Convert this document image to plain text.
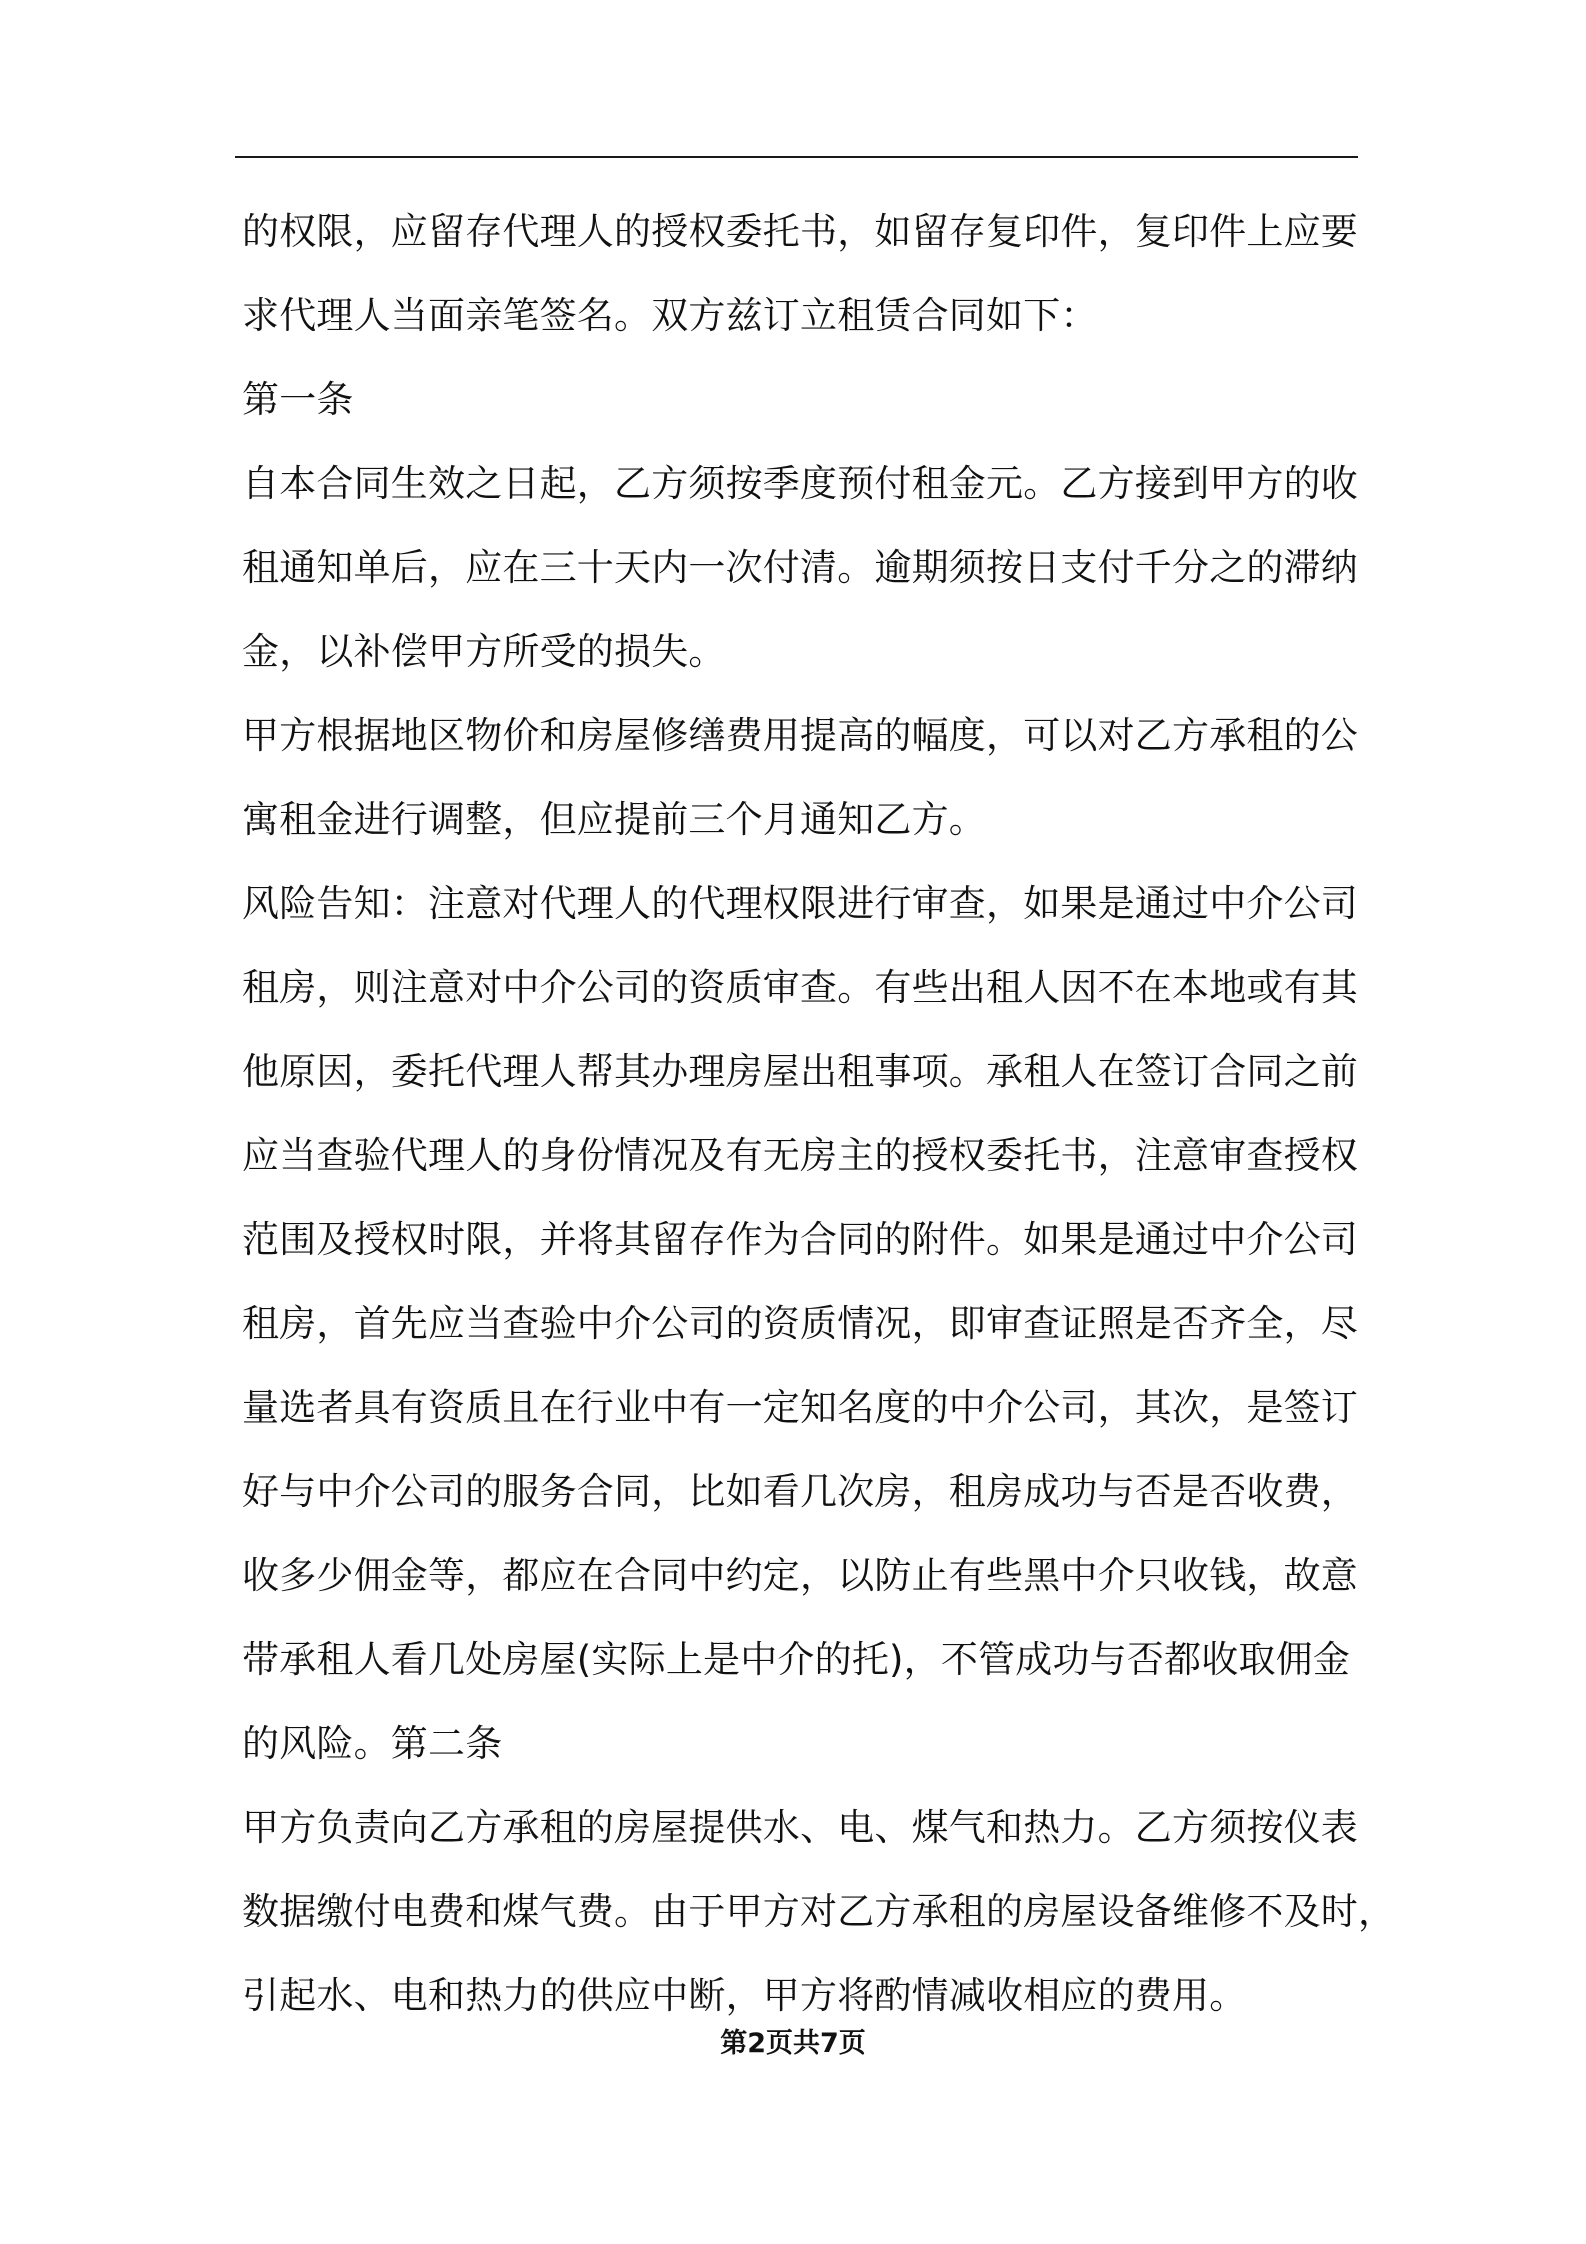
的权限，应留存代理人的授权委托书，如留存复印件，复印件上应要
求代理人当面亲笔签名。双方兹订立租赁合同如下：
第一条
自本合同生效之日起，乙方须按季度预付租金元。乙方接到甲方的收
租通知单后，应在三十天内一次付清。逾期须按日支付千分之的滞纳
金，以补偿甲方所受的损失。
甲方根据地区物价和房屋修缮费用提高的幅度，可以对乙方承租的公
寓租金进行调整，但应提前三个月通知乙方。
风险告知：注意对代理人的代理权限进行审查，如果是通过中介公司
租房，则注意对中介公司的资质审查。有些出租人因不在本地或有其
他原因，委托代理人帮其办理房屋出租事项。承租人在签订合同之前
应当查验代理人的身份情况及有无房主的授权委托书，注意审查授权
范围及授权时限，并将其留存作为合同的附件。如果是通过中介公司
租房，首先应当查验中介公司的资质情况，即审查证照是否齐全，尽
量选者具有资质且在行业中有一定知名度的中介公司，其次，是签订
好与中介公司的服务合同，比如看几次房，租房成功与否是否收费，
收多少佣金等，都应在合同中约定，以防止有些黑中介只收钱，故意
带承租人看几处房屋(实际上是中介的托)，不管成功与否都收取佣金
的风险。第二条
甲方负责向乙方承租的房屋提供水、电、煤气和热力。乙方须按仪表
数据缴付电费和煤气费。由于甲方对乙方承租的房屋设备维修不及时，
引起水、电和热力的供应中断，甲方将酌情减收相应的费用。
第2页共7页
